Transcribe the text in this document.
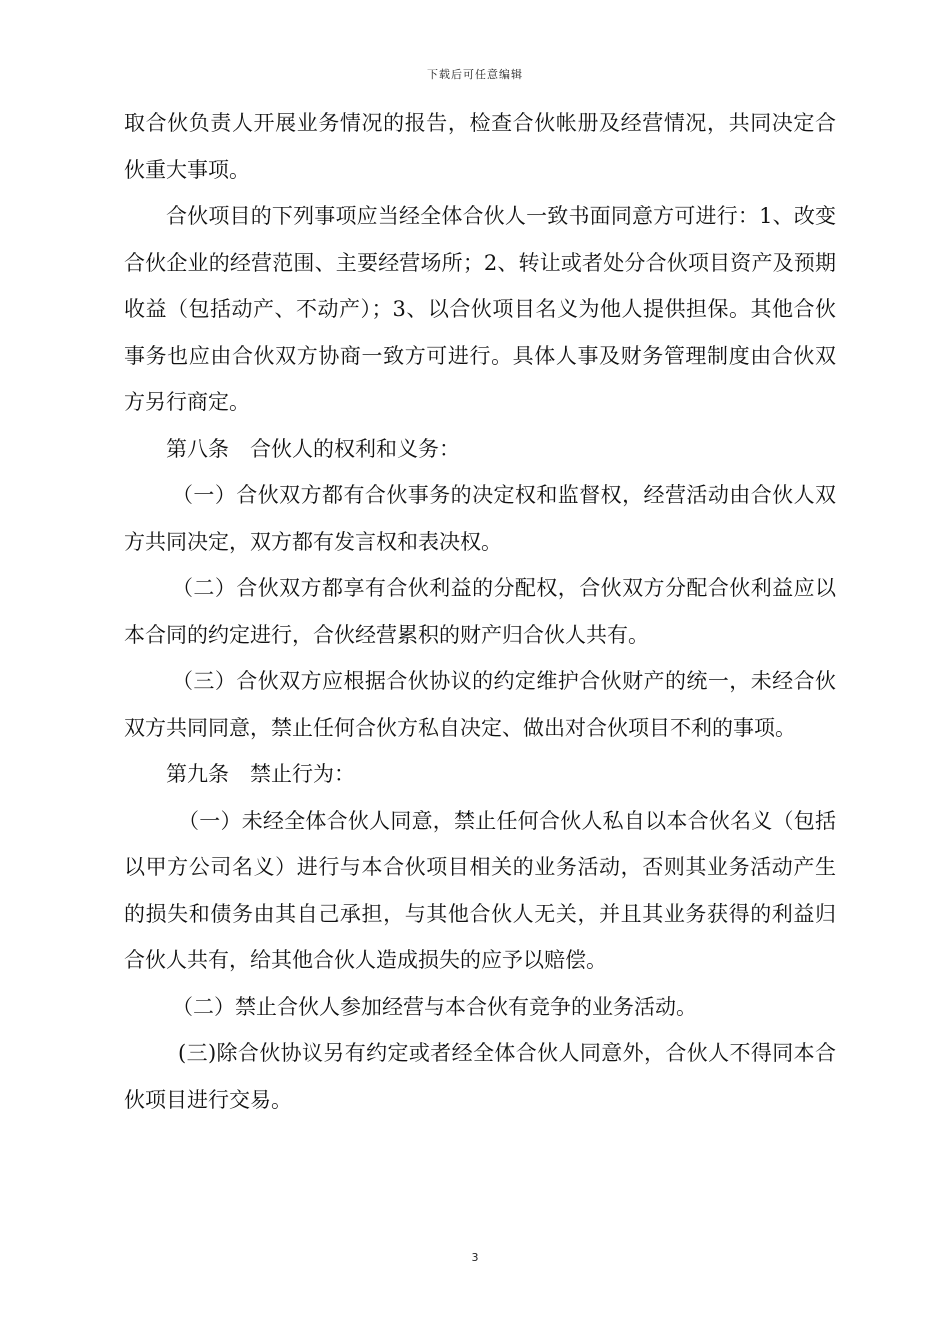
下载后可任意编辑

取合伙负责人开展业务情况的报告，检查合伙帐册及经营情况，共同决定合伙重大事项。

合伙项目的下列事项应当经全体合伙人一致书面同意方可进行：1、改变合伙企业的经营范围、主要经营场所；2、转让或者处分合伙项目资产及预期收益（包括动产、不动产）；3、以合伙项目名义为他人提供担保。其他合伙事务也应由合伙双方协商一致方可进行。具体人事及财务管理制度由合伙双方另行商定。

第八条　合伙人的权利和义务：

（一）合伙双方都有合伙事务的决定权和监督权，经营活动由合伙人双方共同决定，双方都有发言权和表决权。

（二）合伙双方都享有合伙利益的分配权，合伙双方分配合伙利益应以本合同的约定进行，合伙经营累积的财产归合伙人共有。

（三）合伙双方应根据合伙协议的约定维护合伙财产的统一，未经合伙双方共同同意，禁止任何合伙方私自决定、做出对合伙项目不利的事项。

第九条　禁止行为：

（一）未经全体合伙人同意，禁止任何合伙人私自以本合伙名义（包括以甲方公司名义）进行与本合伙项目相关的业务活动，否则其业务活动产生的损失和债务由其自己承担，与其他合伙人无关，并且其业务获得的利益归合伙人共有，给其他合伙人造成损失的应予以赔偿。

（二）禁止合伙人参加经营与本合伙有竞争的业务活动。

(三)除合伙协议另有约定或者经全体合伙人同意外，合伙人不得同本合伙项目进行交易。

3
